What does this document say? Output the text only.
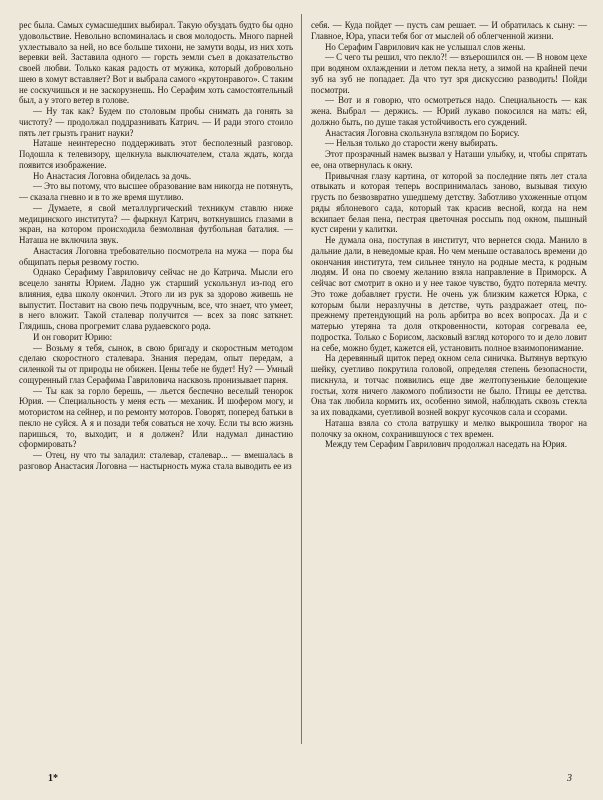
рес была. Самых сумасшедших выбирал. Такую обуздать будто бы одно удовольствие. Невольно вспоминалась и своя молодость. Много парней ухлестывало за ней, но все больше тихони, не замути воды, из них хоть веревки вей. Заставила одного — горсть земли съел в доказательство своей любви. Только какая радость от мужика, который добровольно шею в хомут вставляет? Вот и выбрала самого «крутонравого». С таким не соскучишься и не заскорузнешь. Но Серафим хоть самостоятельный был, а у этого ветер в голове.

— Ну так как? Будем по столовым пробы снимать да гонять за чистоту? — продолжал поддразнивать Катрич. — И ради этого стоило пять лет грызть гранит науки?

Наташе неинтересно поддерживать этот бесполезный разговор. Подошла к телевизору, щелкнула выключателем, стала ждать, когда появится изображение.

Но Анастасия Логовна обиделась за дочь.

— Это вы потому, что высшее образование вам никогда не потянуть, — сказала гневно и в то же время шутливо.

— Думаете, я свой металлургический техникум ставлю ниже медицинского института? — фыркнул Катрич, воткнувшись глазами в экран, на котором происходила безмолвная футбольная баталия. — Наташа не включила звук.

Анастасия Логовна требовательно посмотрела на мужа — пора бы общипать перья резвому гостю.

Однако Серафиму Гавриловичу сейчас не до Катрича. Мысли его всецело заняты Юрием. Ладно уж старший ускользнул из-под его влияния, едва школу окончил. Этого ли из рук за здорово живешь не выпустит. Поставит на свою печь подручным, все, что знает, что умеет, в него вложит. Такой сталевар получится — всех за пояс заткнет. Глядишь, снова прогремит слава рудаевского рода.

И он говорит Юрию:

— Возьму я тебя, сынок, в свою бригаду и скоростным методом сделаю скоростного сталевара. Знания передам, опыт передам, а силенкой ты от природы не обижен. Цены тебе не будет! Ну? — Умный сощуренный глаз Серафима Гавриловича насквозь пронизывает парня.

— Ты как за горло берешь, — льется беспечно веселый тенорок Юрия. — Специальность у меня есть — механик. И шофером могу, и мотористом на сейнер, и по ремонту моторов. Говорят, поперед батьки в пекло не суйся. А я и позади тебя соваться не хочу. Если ты всю жизнь паришься, то, выходит, и я должен? Или надумал династию сформировать?

— Отец, ну что ты заладил: сталевар, сталевар... — вмешалась в разговор Анастасия Логовна — настырность мужа стала выводить ее из

себя. — Куда пойдет — пусть сам решает. — И обратилась к сыну: — Главное, Юра, упаси тебя бог от мыслей об облегченной жизни.

Но Серафим Гаврилович как не услышал слов жены.

— С чего ты решил, что пекло?! — взъерошился он. — В новом цехе при водяном охлаждении и летом пекла нету, а зимой на крайней печи зуб на зуб не попадает. Да что тут зря дискуссию разводить! Пойди посмотри.

— Вот и я говорю, что осмотреться надо. Специальность — как жена. Выбрал — держись. — Юрий лукаво покосился на мать: ей, должно быть, по душе такая устойчивость его суждений.

Анастасия Логовна скользнула взглядом по Борису.

— Нельзя только до старости жену выбирать.

Этот прозрачный намек вызвал у Наташи улыбку, и, чтобы спрятать ее, она отвернулась к окну.

Привычная глазу картина, от которой за последние пять лет стала отвыкать и которая теперь воспринималась заново, вызывая тихую грусть по безвозвратно ушедшему детству. Заботливо ухоженные отцом ряды яблоневого сада, который так красив весной, когда на нем вскипает белая пена, пестрая цветочная россыпь под окном, пышный куст сирени у калитки.

Не думала она, поступая в институт, что вернется сюда. Манило в дальние дали, в неведомые края. Но чем меньше оставалось времени до окончания института, тем сильнее тянуло на родные места, к родным людям. И она по своему желанию взяла направление в Приморск. А сейчас вот смотрит в окно и у нее такое чувство, будто потеряла мечту. Это тоже добавляет грусти. Не очень уж близким кажется Юрка, с которым были неразлучны в детстве, чуть раздражает отец, по-прежнему претендующий на роль арбитра во всех вопросах. Да и с матерью утеряна та доля откровенности, которая согревала ее, подростка. Только с Борисом, ласковый взгляд которого то и дело ловит на себе, можно будет, кажется ей, установить полное взаимопонимание.

На деревянный щиток перед окном села синичка. Вытянув верткую шейку, суетливо покрутила головой, определяя степень безопасности, пискнула, и тотчас появились еще две желтопузенькие белощекие гостьи, хотя ничего лакомого поблизости не было. Птицы ее детства. Она так любила кормить их, особенно зимой, наблюдать сквозь стекла за их повадками, суетливой возней вокруг кусочков сала и ссорами.

Наташа взяла со стола ватрушку и мелко выкрошила творог на полочку за окном, сохранившуюся с тех времен.

Между тем Серафим Гаврилович продолжал наседать на Юрия.

1*	3
